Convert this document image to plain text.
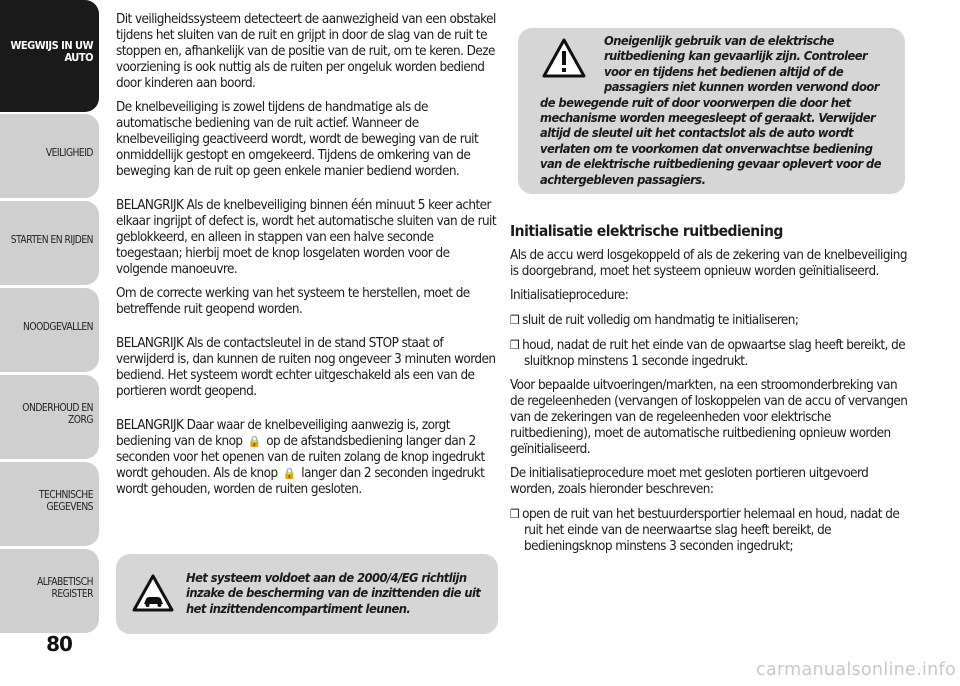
WEGWIJS IN UW AUTO
VEILIGHEID
STARTEN EN RIJDEN
NOODGEVALLEN
ONDERHOUD EN ZORG
TECHNISCHE GEGEVENS
ALFABETISCH REGISTER
80

Dit veiligheidssysteem detecteert de aanwezigheid van een obstakel tijdens het sluiten van de ruit en grijpt in door de slag van de ruit te stoppen en, afhankelijk van de positie van de ruit, om te keren. Deze voorziening is ook nuttig als de ruiten per ongeluk worden bediend door kinderen aan boord.

De knelbeveiliging is zowel tijdens de handmatige als de automatische bediening van de ruit actief. Wanneer de knelbeveiliging geactiveerd wordt, wordt de beweging van de ruit onmiddellijk gestopt en omgekeerd. Tijdens de omkering van de beweging kan de ruit op geen enkele manier bediend worden.

BELANGRIJK Als de knelbeveiliging binnen één minuut 5 keer achter elkaar ingrijpt of defect is, wordt het automatische sluiten van de ruit geblokkeerd, en alleen in stappen van een halve seconde toegestaan; hierbij moet de knop losgelaten worden voor de volgende manoeuvre.

Om de correcte werking van het systeem te herstellen, moet de betreffende ruit geopend worden.

BELANGRIJK Als de contactsleutel in de stand STOP staat of verwijderd is, dan kunnen de ruiten nog ongeveer 3 minuten worden bediend. Het systeem wordt echter uitgeschakeld als een van de portieren wordt geopend.

BELANGRIJK Daar waar de knelbeveiliging aanwezig is, zorgt bediening van de knop 🔒 op de afstandsbediening langer dan 2 seconden voor het openen van de ruiten zolang de knop ingedrukt wordt gehouden. Als de knop 🔒 langer dan 2 seconden ingedrukt wordt gehouden, worden de ruiten gesloten.

Het systeem voldoet aan de 2000/4/EG richtlijn inzake de bescherming van de inzittenden die uit het inzittendencompartiment leunen.

Oneigenlijk gebruik van de elektrische ruitbediening kan gevaarlijk zijn. Controleer voor en tijdens het bedienen altijd of de passagiers niet kunnen worden verwond door de bewegende ruit of door voorwerpen die door het mechanisme worden meegesleept of geraakt. Verwijder altijd de sleutel uit het contactslot als de auto wordt verlaten om te voorkomen dat onverwachtse bediening van de elektrische ruitbediening gevaar oplevert voor de achtergebleven passagiers.
Initialisatie elektrische ruitbediening

Als de accu werd losgekoppeld of als de zekering van de knelbeveiliging is doorgebrand, moet het systeem opnieuw worden geïnitialiseerd.

Initialisatieprocedure:

❒ sluit de ruit volledig om handmatig te initialiseren;

❒ houd, nadat de ruit het einde van de opwaartse slag heeft bereikt, de sluitknop minstens 1 seconde ingedrukt.

Voor bepaalde uitvoeringen/markten, na een stroomonderbreking van de regeleenheden (vervangen of loskoppelen van de accu of vervangen van de zekeringen van de regeleenheden voor elektrische ruitbediening), moet de automatische ruitbediening opnieuw worden geïnitialiseerd.

De initialisatieprocedure moet met gesloten portieren uitgevoerd worden, zoals hieronder beschreven:

❒ open de ruit van het bestuurdersportier helemaal en houd, nadat de ruit het einde van de neerwaartse slag heeft bereikt, de bedieningsknop minstens 3 seconden ingedrukt;

carmanualsonline.info
